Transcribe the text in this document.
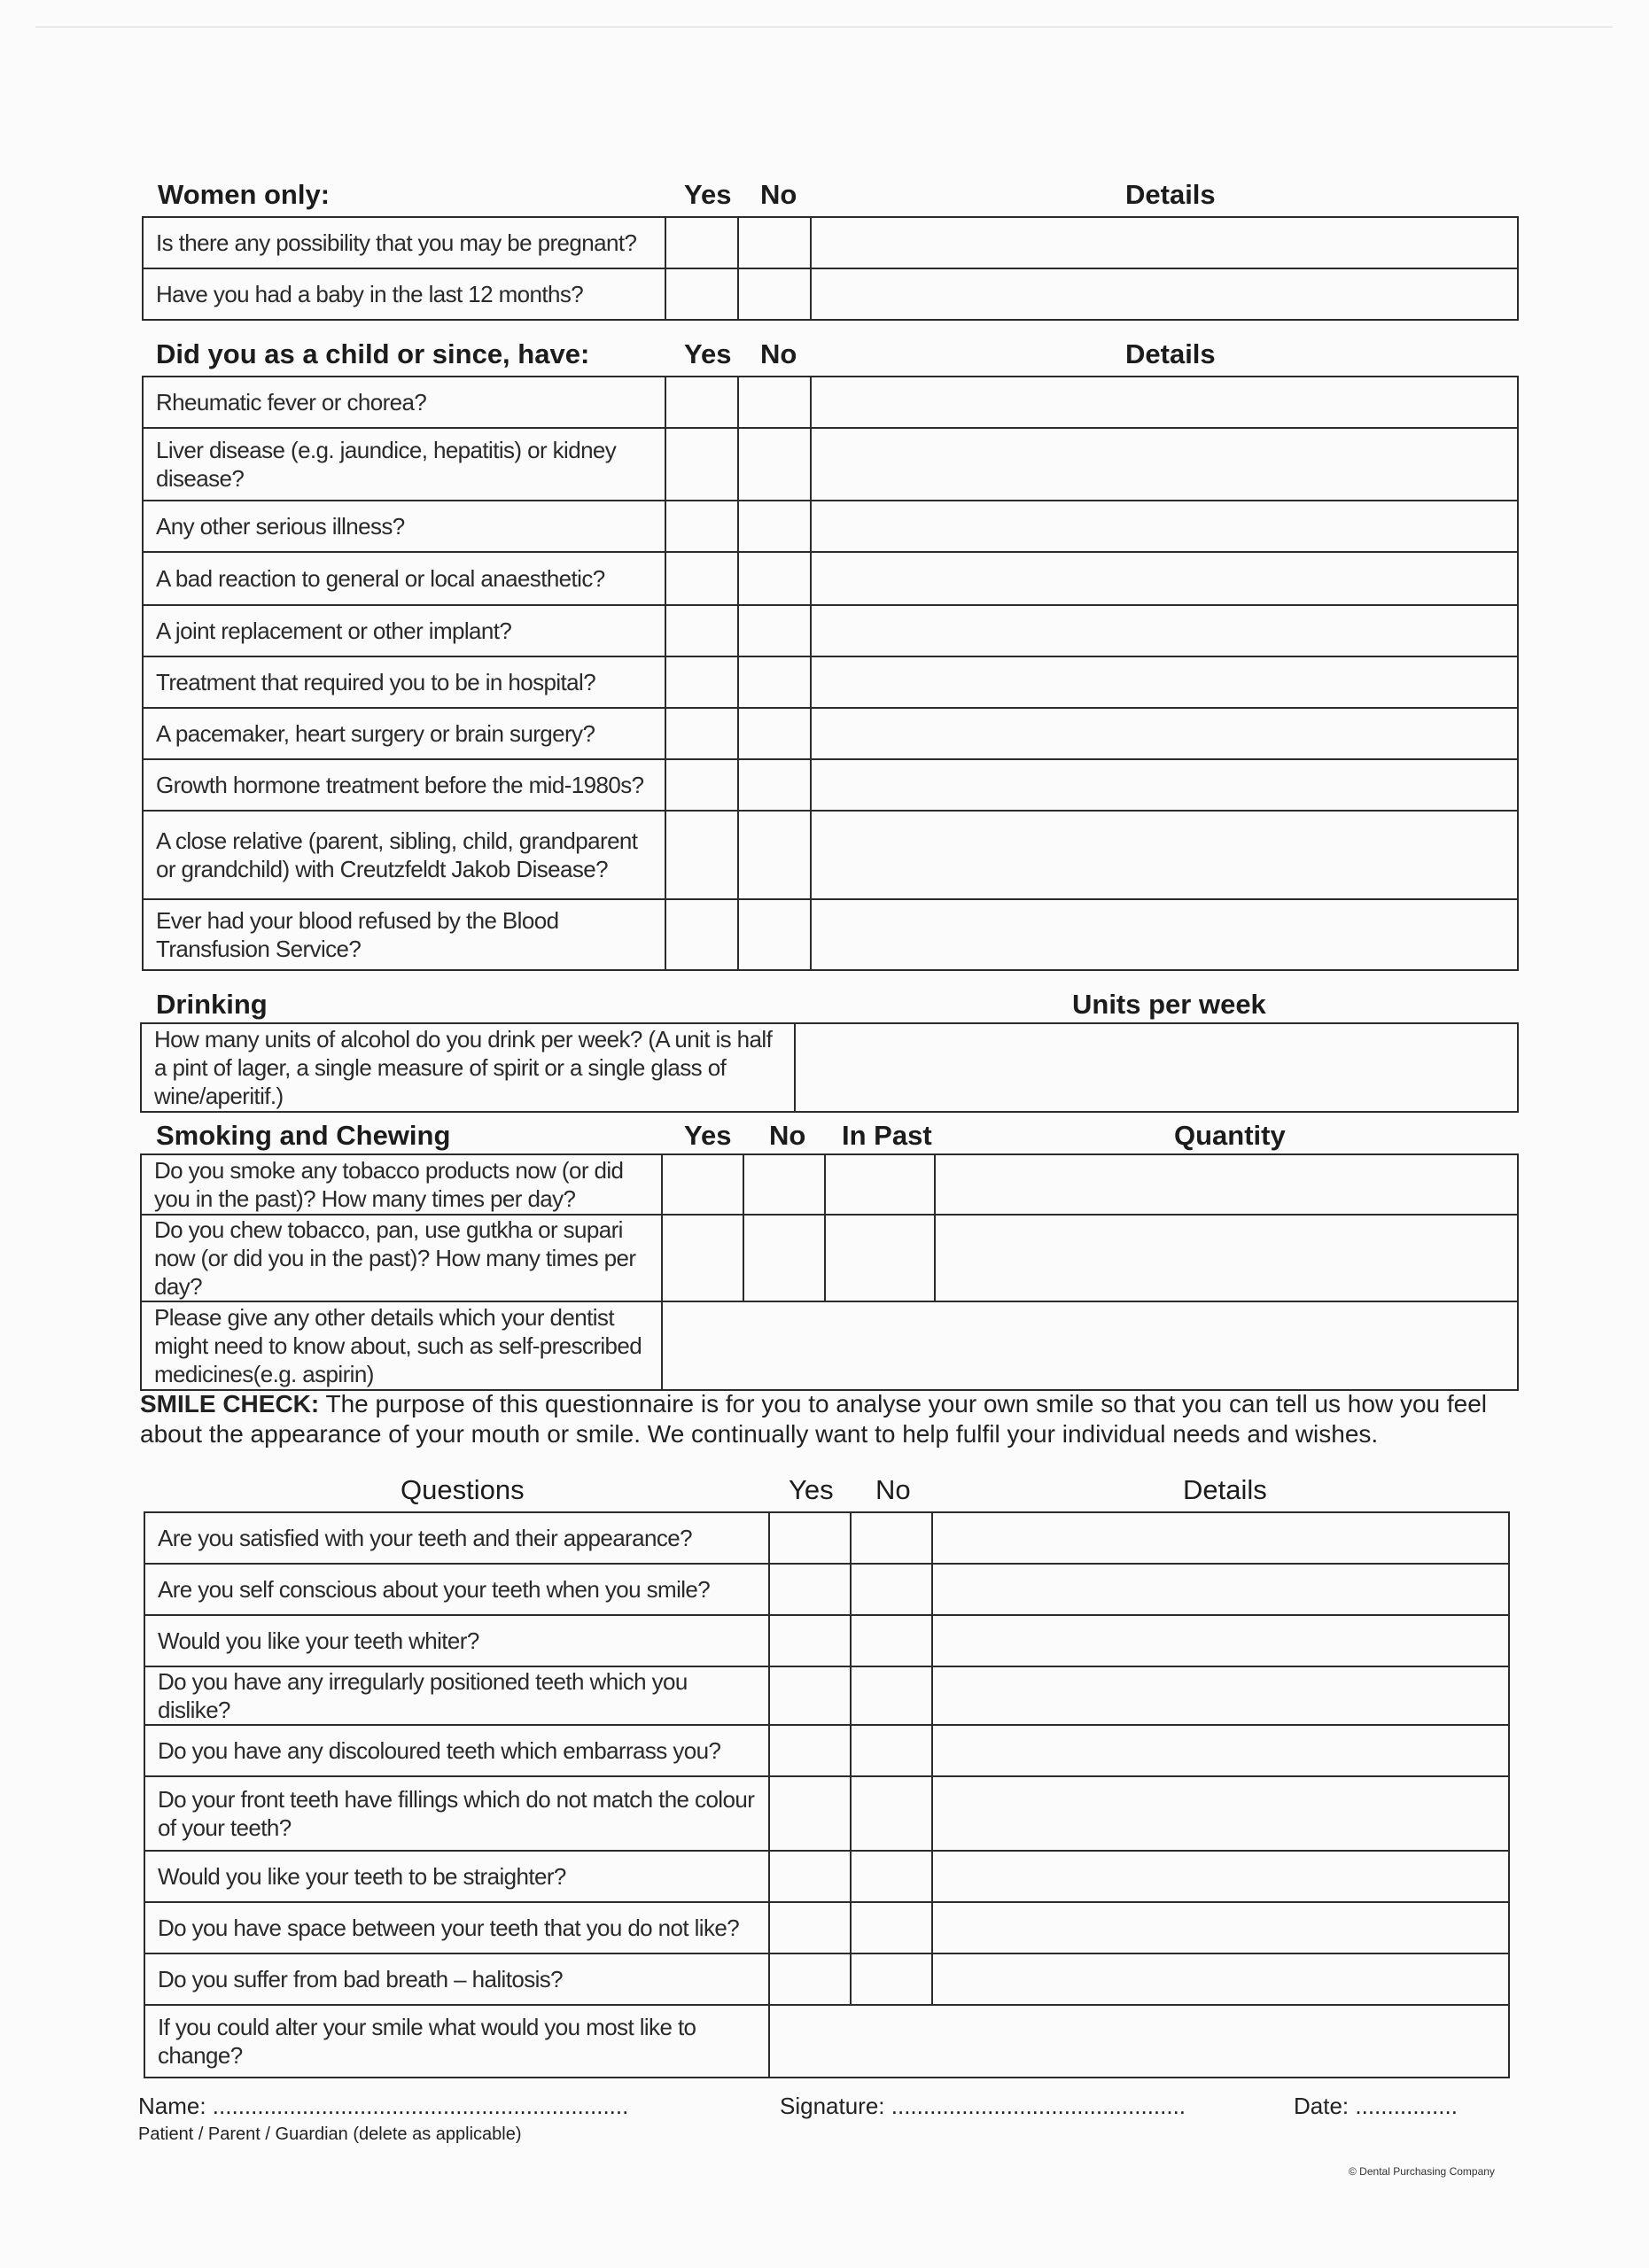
Women only:	Yes No	Details
Is there any possibility that you may be pregnant?			
Have you had a baby in the last 12 months?			
Did you as a child or since, have:	Yes No	Details
Rheumatic fever or chorea?			
Liver disease (e.g. jaundice, hepatitis) or kidney disease?			
Any other serious illness?			
A bad reaction to general or local anaesthetic?			
A joint replacement or other implant?			
Treatment that required you to be in hospital?			
A pacemaker, heart surgery or brain surgery?			
Growth hormone treatment before the mid-1980s?			
A close relative (parent, sibling, child, grandparent or grandchild) with Creutzfeldt Jakob Disease?			
Ever had your blood refused by the Blood Transfusion Service?			
Drinking	Units per week
How many units of alcohol do you drink per week? (A unit is half a pint of lager, a single measure of spirit or a single glass of wine/aperitif.)	
Smoking and Chewing	Yes No In Past	Quantity
Do you smoke any tobacco products now (or did you in the past)? How many times per day?				
Do you chew tobacco, pan, use gutkha or supari now (or did you in the past)? How many times per day?				
Please give any other details which your dentist might need to know about, such as self-prescribed medicines(e.g. aspirin)				
SMILE CHECK: The purpose of this questionnaire is for you to analyse your own smile so that you can tell us how you feel about the appearance of your mouth or smile. We continually want to help fulfil your individual needs and wishes.
Questions	Yes No	Details
Are you satisfied with your teeth and their appearance?			
Are you self conscious about your teeth when you smile?			
Would you like your teeth whiter?			
Do you have any irregularly positioned teeth which you dislike?			
Do you have any discoloured teeth which embarrass you?			
Do your front teeth have fillings which do not match the colour of your teeth?			
Would you like your teeth to be straighter?			
Do you have space between your teeth that you do not like?			
Do you suffer from bad breath – halitosis?			
If you could alter your smile what would you most like to change?			
Name: .................................................................	Signature: ..............................................	Date: ................
Patient / Parent / Guardian (delete as applicable)
© Dental Purchasing Company
